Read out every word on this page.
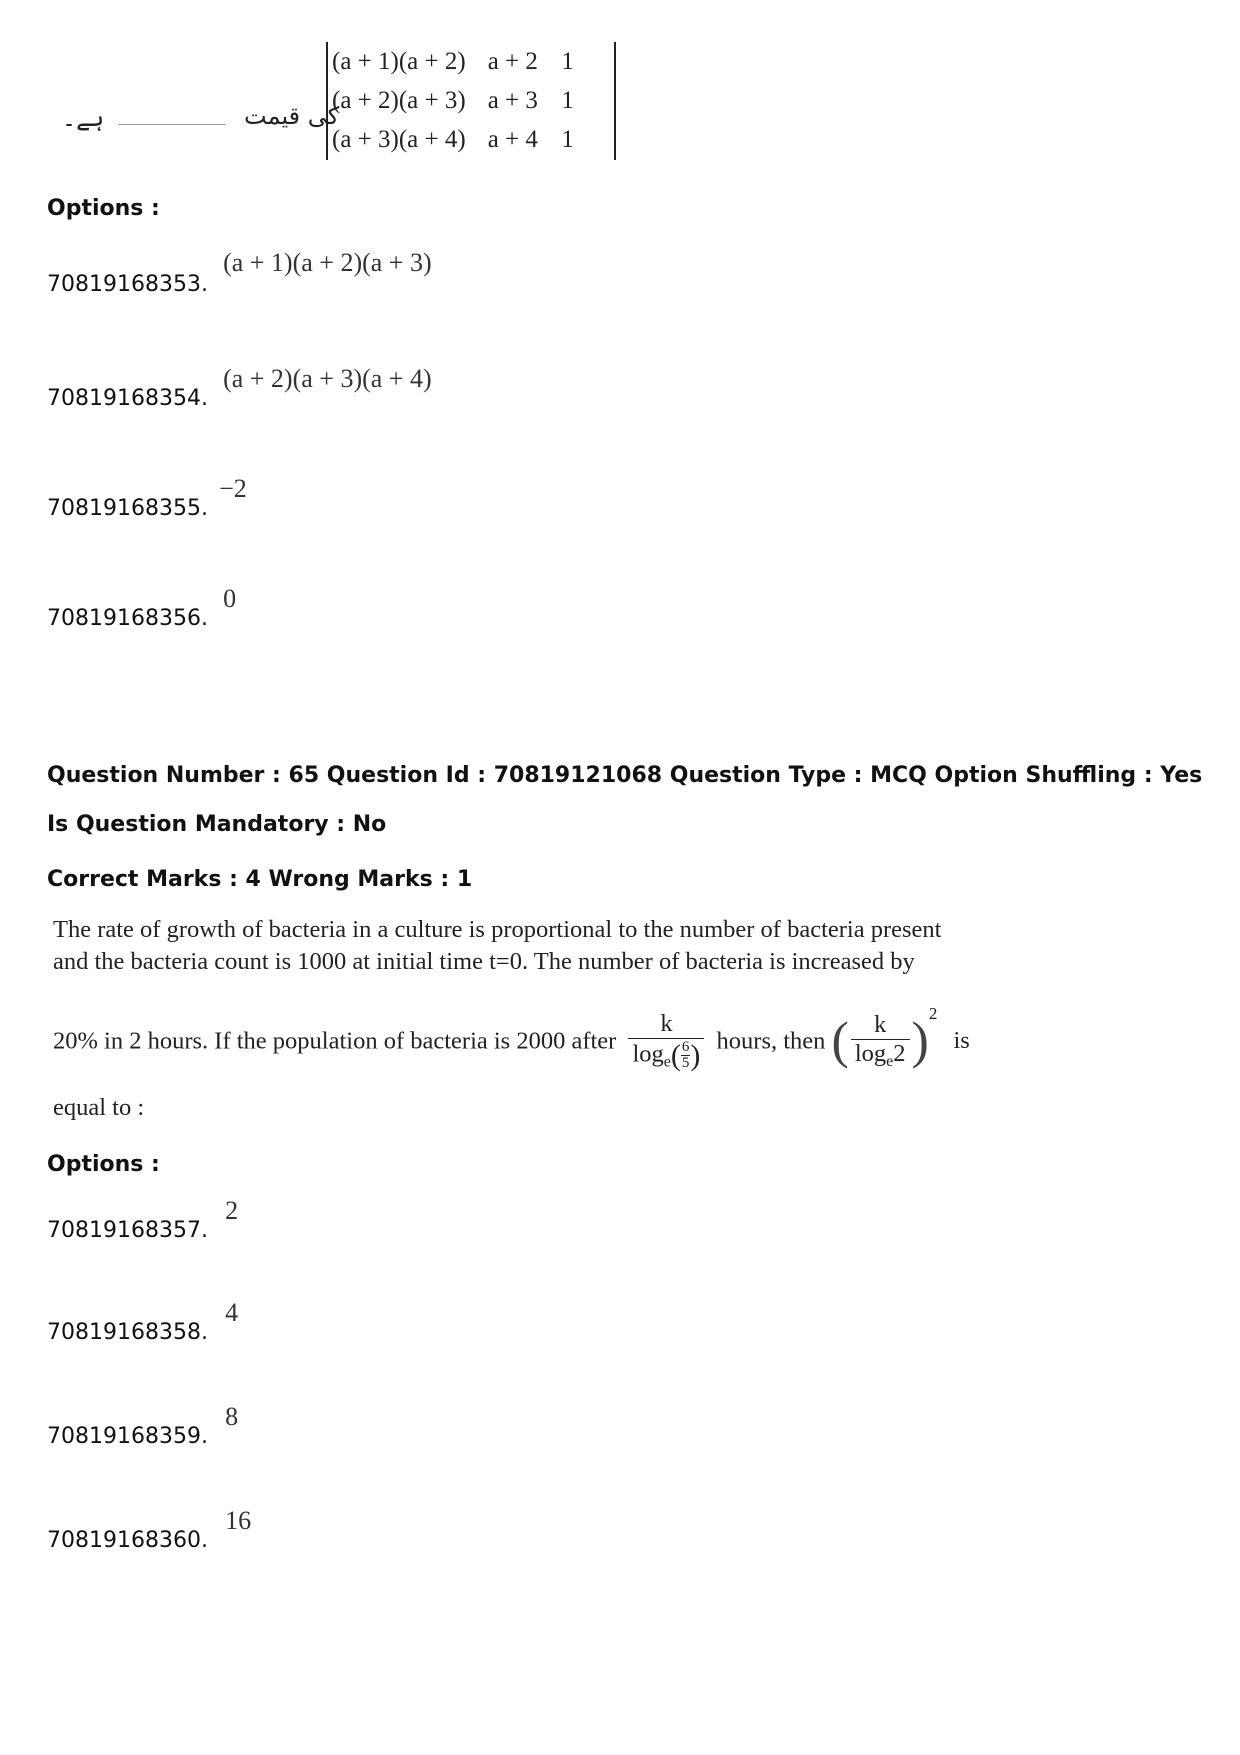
ہے۔	کی قیمت
(a + 1)(a + 2)	a + 2	1
(a + 2)(a + 3)	a + 3	1
(a + 3)(a + 4)	a + 4	1
Options :
70819168353. (a + 1)(a + 2)(a + 3)
70819168354. (a + 2)(a + 3)(a + 4)
70819168355. −2
70819168356. 0
Question Number : 65 Question Id : 70819121068 Question Type : MCQ Option Shuffling : Yes
Is Question Mandatory : No
Correct Marks : 4 Wrong Marks : 1
The rate of growth of bacteria in a culture is proportional to the number of bacteria present
and the bacteria count is 1000 at initial time t=0. The number of bacteria is increased by
20% in 2 hours. If the population of bacteria is 2000 after $\frac{k}{\log_e( \frac{6}{5})}$ hours, then ( $\frac{k}{\log_e2} )^2$ is
equal to :
Options :
70819168357. 2
70819168358. 4
70819168359. 8
70819168360. 16
